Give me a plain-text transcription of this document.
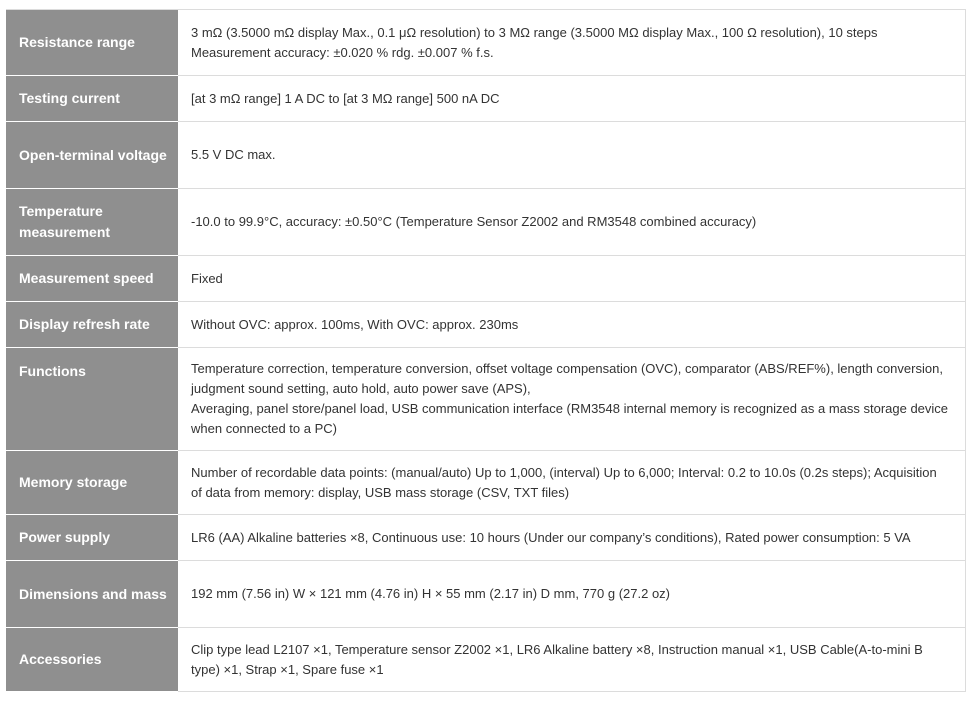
Resistance range	3 mΩ (3.5000 mΩ display Max., 0.1 μΩ resolution) to 3 MΩ range (3.5000 MΩ display Max., 100 Ω resolution), 10 steps
Measurement accuracy: ±0.020 % rdg. ±0.007 % f.s.

Testing current	[at 3 mΩ range] 1 A DC to [at 3 MΩ range] 500 nA DC

Open-terminal voltage	5.5 V DC max.

Temperature measurement	-10.0 to 99.9°C, accuracy: ±0.50°C (Temperature Sensor Z2002 and RM3548 combined accuracy)

Measurement speed	Fixed

Display refresh rate	Without OVC: approx. 100ms, With OVC: approx. 230ms

Functions	Temperature correction, temperature conversion, offset voltage compensation (OVC), comparator (ABS/REF%), length conversion, judgment sound setting, auto hold, auto power save (APS),
Averaging, panel store/panel load, USB communication interface (RM3548 internal memory is recognized as a mass storage device when connected to a PC)

Memory storage	Number of recordable data points: (manual/auto) Up to 1,000, (interval) Up to 6,000; Interval: 0.2 to 10.0s (0.2s steps); Acquisition of data from memory: display, USB mass storage (CSV, TXT files)

Power supply	LR6 (AA) Alkaline batteries ×8, Continuous use: 10 hours (Under our company’s conditions), Rated power consumption: 5 VA

Dimensions and mass	192 mm (7.56 in) W × 121 mm (4.76 in) H × 55 mm (2.17 in) D mm, 770 g (27.2 oz)

Accessories	Clip type lead L2107 ×1, Temperature sensor Z2002 ×1, LR6 Alkaline battery ×8, Instruction manual ×1, USB Cable(A-to-mini B type) ×1, Strap ×1, Spare fuse ×1
